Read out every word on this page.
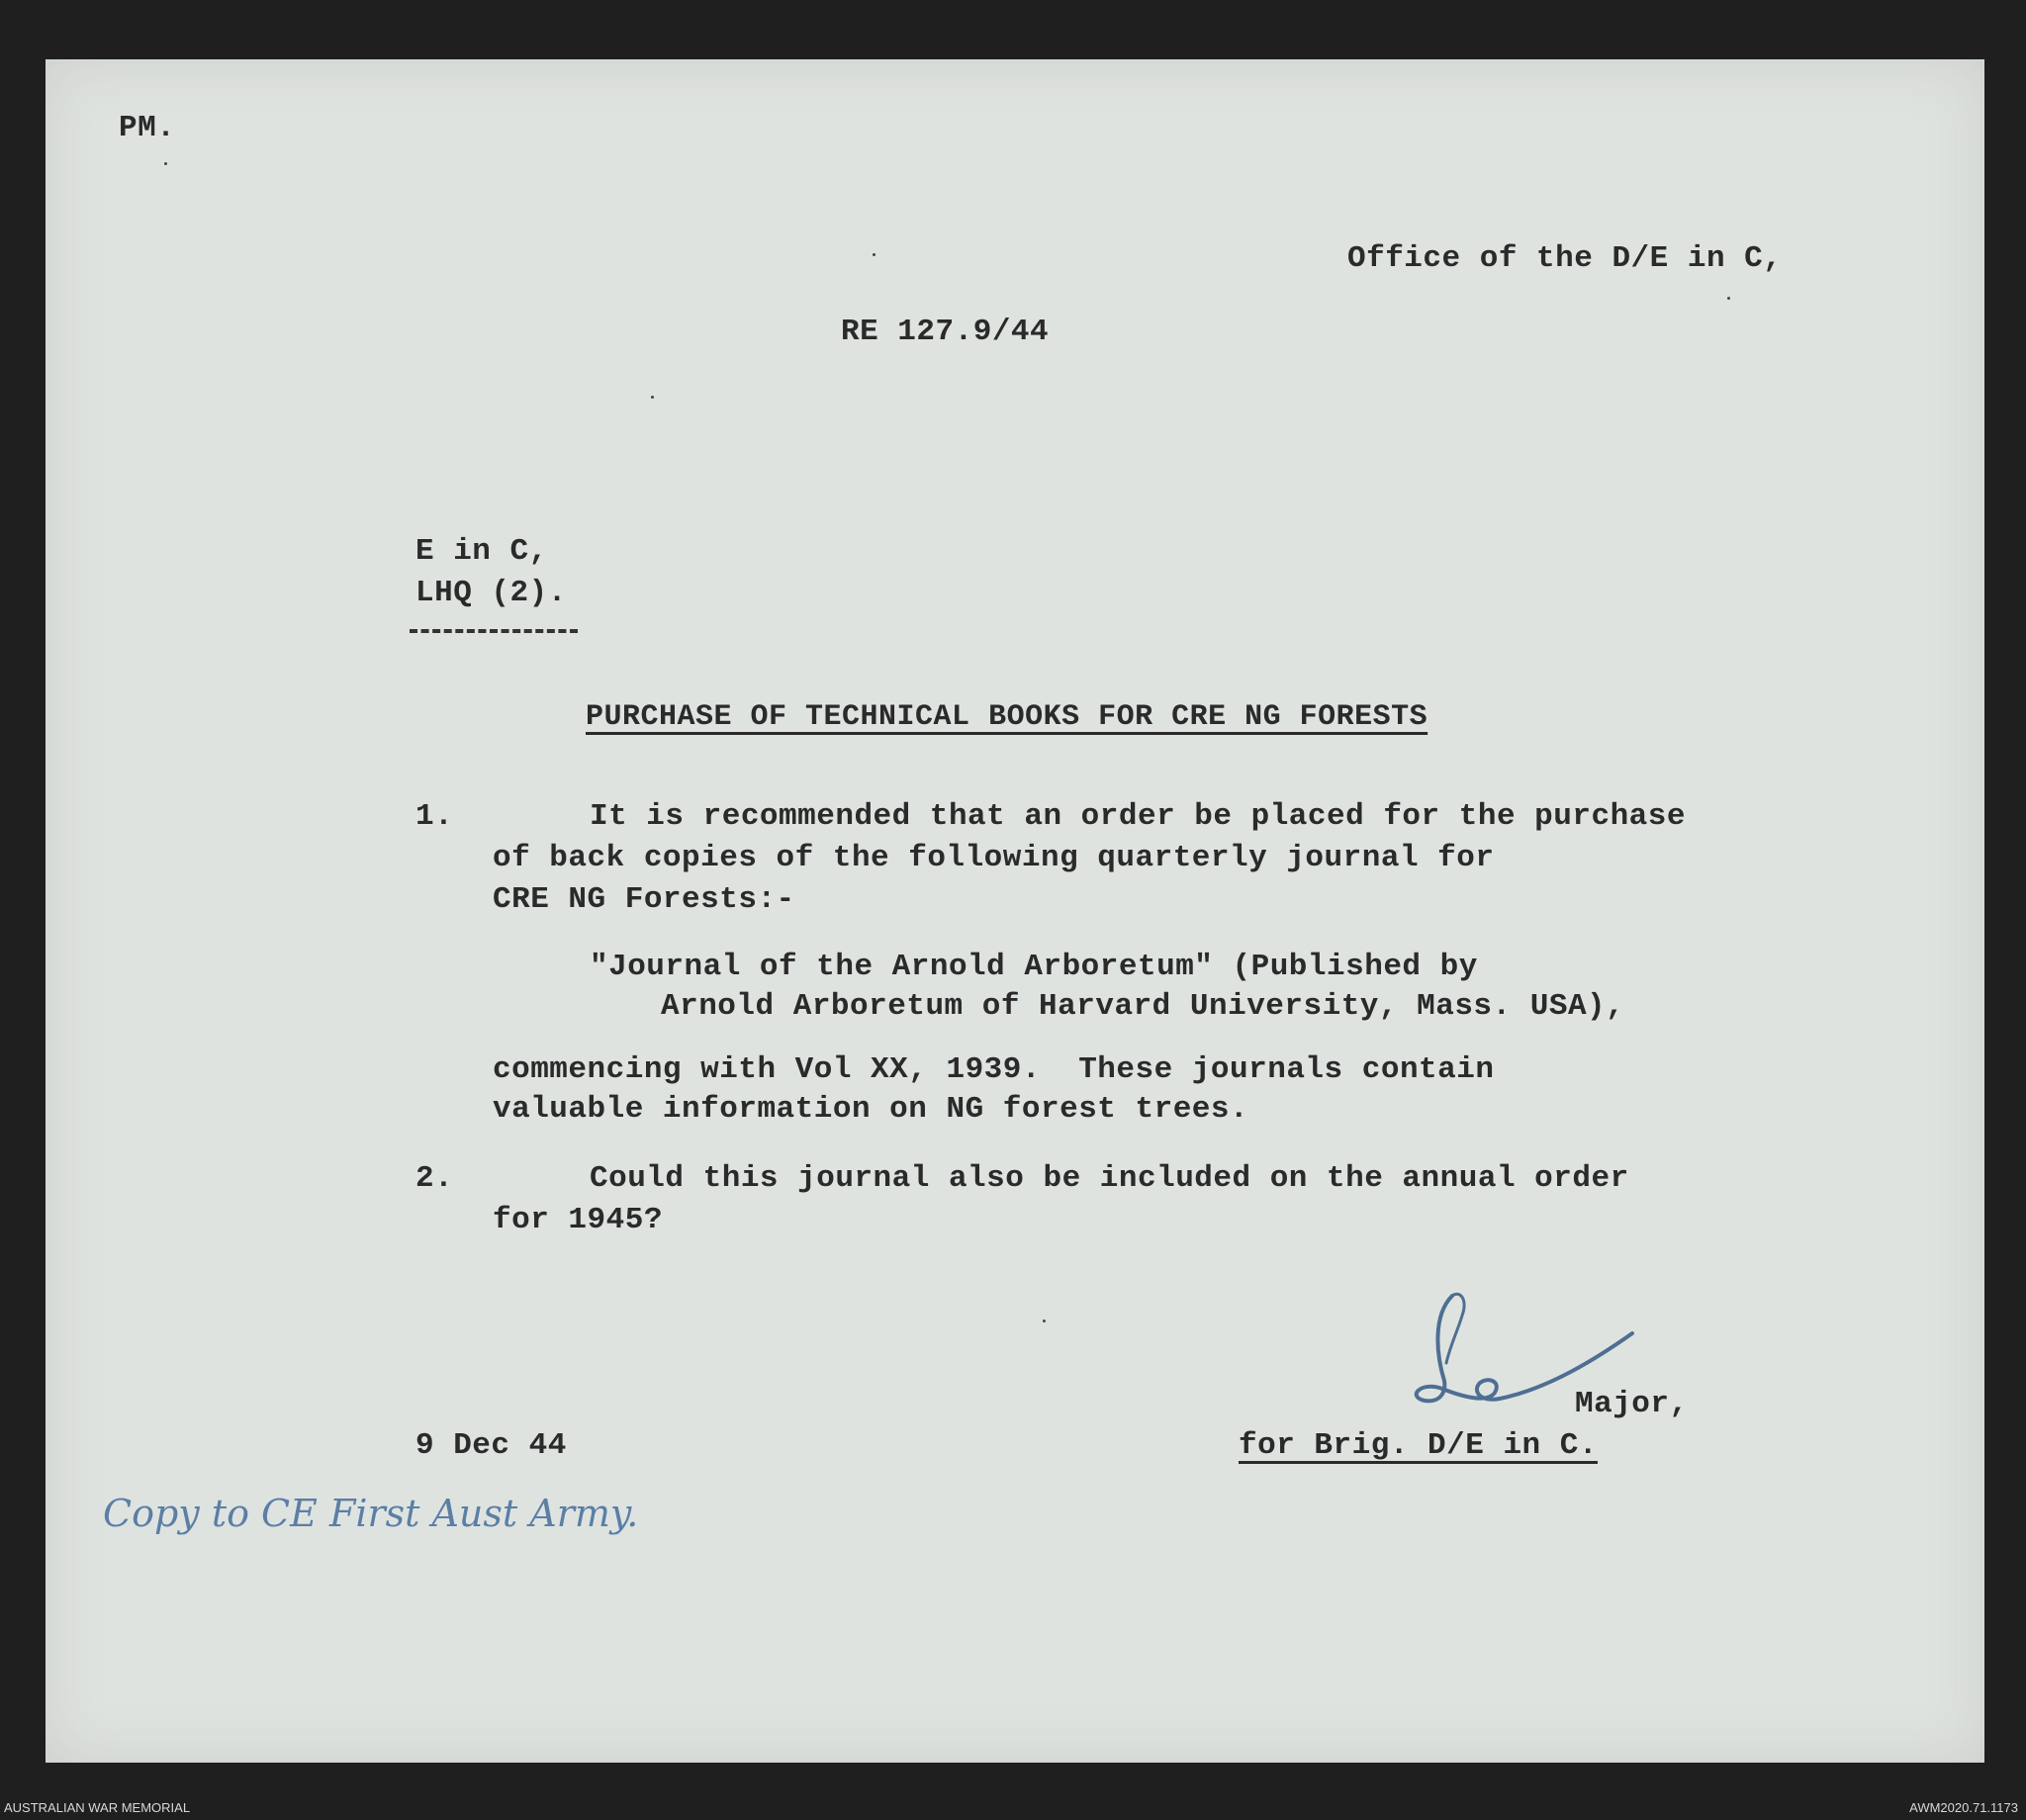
PM.
Office of the D/E in C,
RE 127.9/44
E in C,
LHQ (2).
PURCHASE OF TECHNICAL BOOKS FOR CRE NG FORESTS
1.	It is recommended that an order be placed for the purchase
of back copies of the following quarterly journal for
CRE NG Forests:-
"Journal of the Arnold Arboretum" (Published by
Arnold Arboretum of Harvard University, Mass. USA),
commencing with Vol XX, 1939.  These journals contain
valuable information on NG forest trees.
2.	Could this journal also be included on the annual order
for 1945?
Major,
9 Dec 44	for Brig. D/E in C.
Copy to CE First Aust Army.
AUSTRALIAN WAR MEMORIAL	AWM2020.71.1173
